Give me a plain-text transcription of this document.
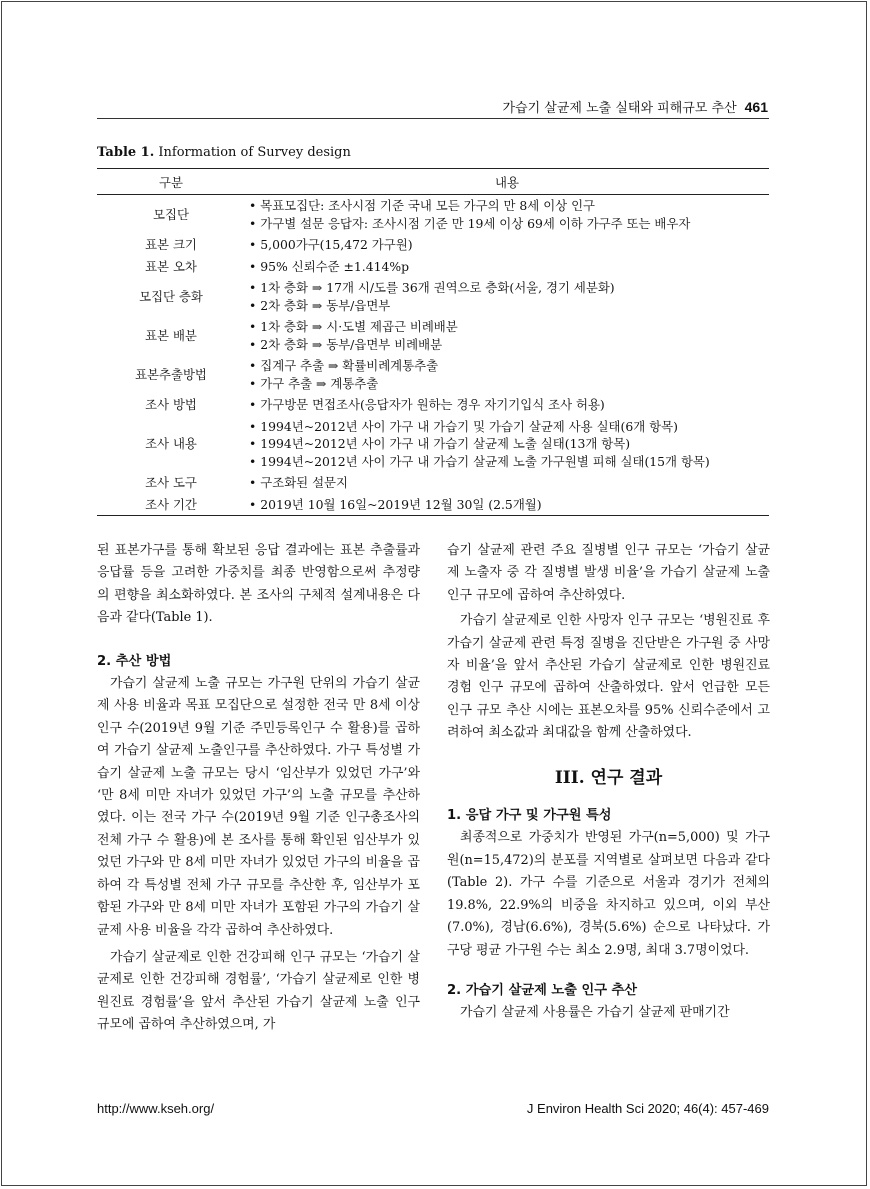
가습기 살균제 노출 실태와 피해규모 추산 461
Table 1. Information of Survey design
구분	내용
모집단	• 목표모집단: 조사시점 기준 국내 모든 가구의 만 8세 이상 인구
• 가구별 설문 응답자: 조사시점 기준 만 19세 이상 69세 이하 가구주 또는 배우자

표본 크기	• 5,000가구(15,472 가구원)

표본 오차	• 95% 신뢰수준 ±1.414%p

모집단 층화	• 1차 층화 ⇒ 17개 시/도를 36개 권역으로 층화(서울, 경기 세분화)
• 2차 층화 ⇒ 동부/읍면부

표본 배분	• 1차 층화 ⇒ 시·도별 제곱근 비례배분
• 2차 층화 ⇒ 동부/읍면부 비례배분

표본추출방법	• 집계구 추출 ⇒ 확률비례계통추출
• 가구 추출 ⇒ 계통추출

조사 방법	• 가구방문 면접조사(응답자가 원하는 경우 자기기입식 조사 허용)

조사 내용	• 1994년~2012년 사이 가구 내 가습기 및 가습기 살균제 사용 실태(6개 항목)
• 1994년~2012년 사이 가구 내 가습기 살균제 노출 실태(13개 항목)
• 1994년~2012년 사이 가구 내 가습기 살균제 노출 가구원별 피해 실태(15개 항목)

조사 도구	• 구조화된 설문지

조사 기간	• 2019년 10월 16일~2019년 12월 30일 (2.5개월)

된 표본가구를 통해 확보된 응답 결과에는 표본 추출률과 응답률 등을 고려한 가중치를 최종 반영함으로써 추정량의 편향을 최소화하였다. 본 조사의 구체적 설계내용은 다음과 같다(Table 1).

2. 추산 방법

가습기 살균제 노출 규모는 가구원 단위의 가습기 살균제 사용 비율과 목표 모집단으로 설정한 전국 만 8세 이상 인구 수(2019년 9월 기준 주민등록인구 수 활용)를 곱하여 가습기 살균제 노출인구를 추산하였다. 가구 특성별 가습기 살균제 노출 규모는 당시 ‘임산부가 있었던 가구’와 ‘만 8세 미만 자녀가 있었던 가구’의 노출 규모를 추산하였다. 이는 전국 가구 수(2019년 9월 기준 인구총조사의 전체 가구 수 활용)에 본 조사를 통해 확인된 임산부가 있었던 가구와 만 8세 미만 자녀가 있었던 가구의 비율을 곱하여 각 특성별 전체 가구 규모를 추산한 후, 임산부가 포함된 가구와 만 8세 미만 자녀가 포함된 가구의 가습기 살균제 사용 비율을 각각 곱하여 추산하였다.

가습기 살균제로 인한 건강피해 인구 규모는 ‘가습기 살균제로 인한 건강피해 경험률’, ‘가습기 살균제로 인한 병원진료 경험률’을 앞서 추산된 가습기 살균제 노출 인구 규모에 곱하여 추산하였으며, 가

습기 살균제 관련 주요 질병별 인구 규모는 ‘가습기 살균제 노출자 중 각 질병별 발생 비율’을 가습기 살균제 노출 인구 규모에 곱하여 추산하였다.

가습기 살균제로 인한 사망자 인구 규모는 ‘병원진료 후 가습기 살균제 관련 특정 질병을 진단받은 가구원 중 사망자 비율’을 앞서 추산된 가습기 살균제로 인한 병원진료 경험 인구 규모에 곱하여 산출하였다. 앞서 언급한 모든 인구 규모 추산 시에는 표본오차를 95% 신뢰수준에서 고려하여 최소값과 최대값을 함께 산출하였다.

III. 연구 결과

1. 응답 가구 및 가구원 특성

최종적으로 가중치가 반영된 가구(n=5,000) 및 가구원(n=15,472)의 분포를 지역별로 살펴보면 다음과 같다(Table 2). 가구 수를 기준으로 서울과 경기가 전체의19.8%, 22.9%의 비중을 차지하고 있으며, 이외 부산(7.0%), 경남(6.6%), 경북(5.6%) 순으로 나타났다. 가구당 평균 가구원 수는 최소 2.9명, 최대 3.7명이었다.

2. 가습기 살균제 노출 인구 추산

가습기 살균제 사용률은 가습기 살균제 판매기간

http://www.kseh.org/	J Environ Health Sci 2020; 46(4): 457-469
